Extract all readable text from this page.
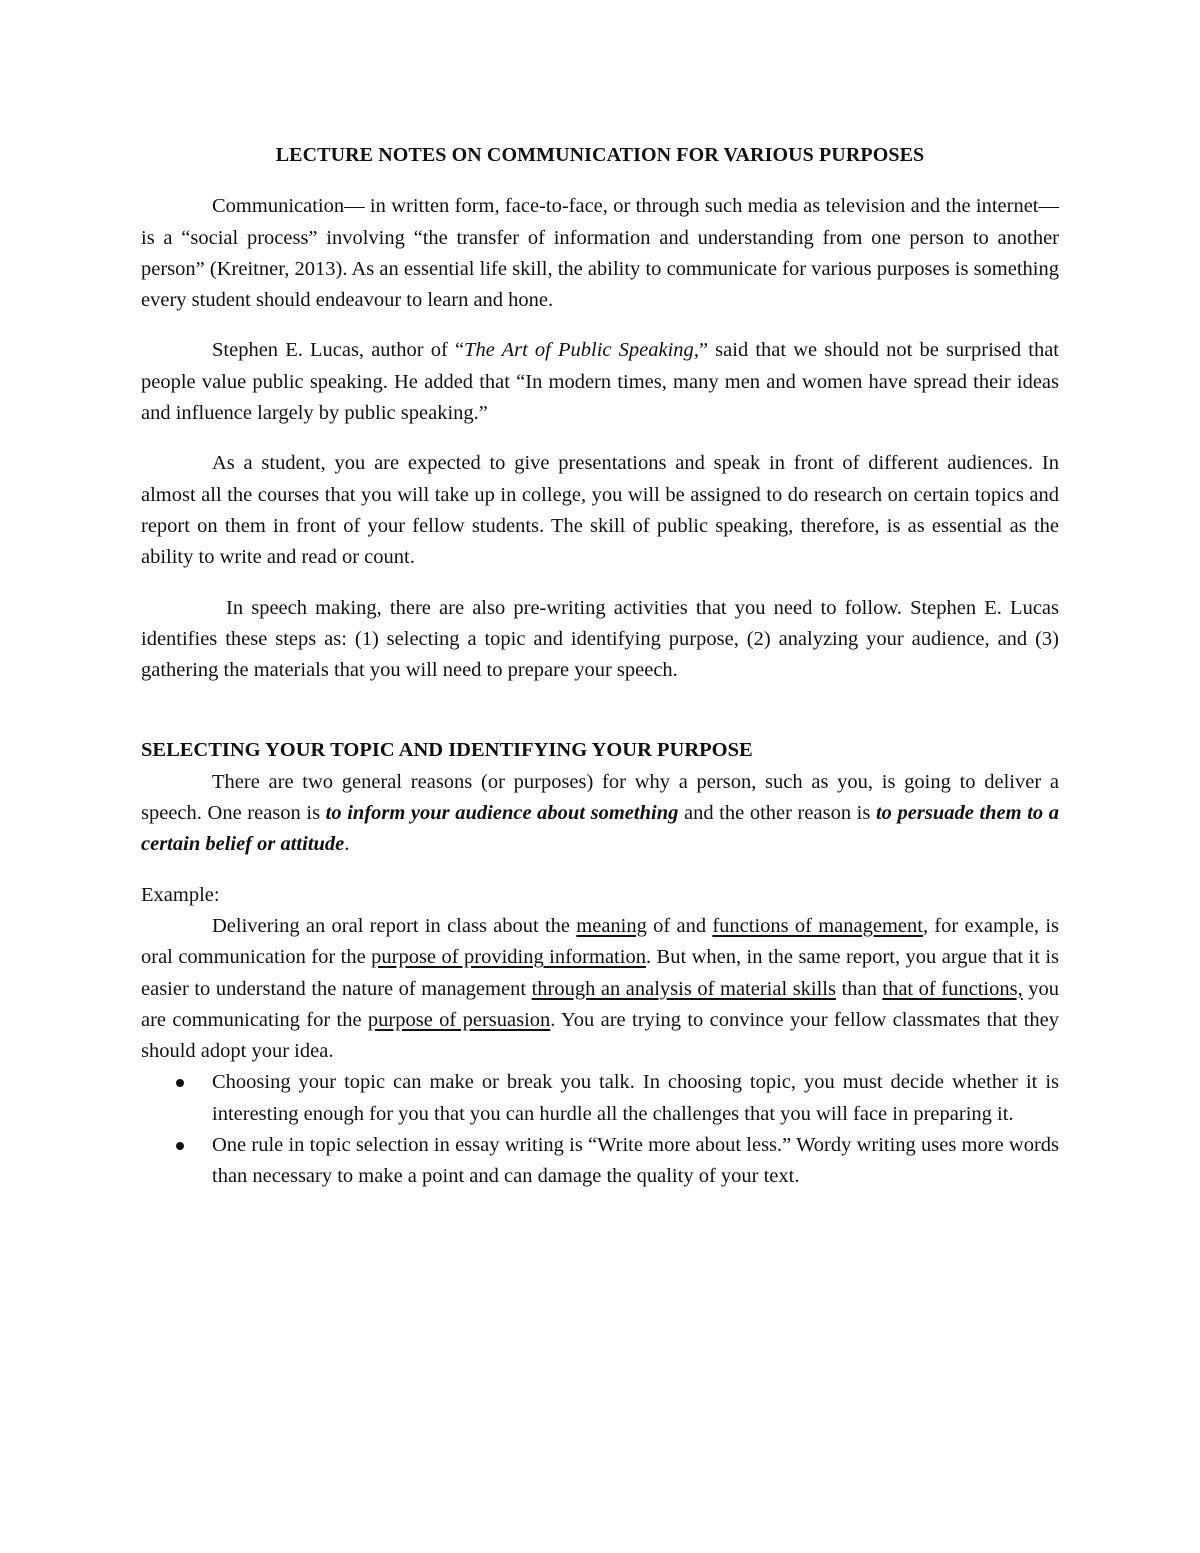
LECTURE NOTES ON COMMUNICATION FOR VARIOUS PURPOSES

Communication— in written form, face-to-face, or through such media as television and the internet— is a “social process” involving “the transfer of information and understanding from one person to another person” (Kreitner, 2013). As an essential life skill, the ability to communicate for various purposes is something every student should endeavour to learn and hone.

Stephen E. Lucas, author of “The Art of Public Speaking,” said that we should not be surprised that people value public speaking. He added that “In modern times, many men and women have spread their ideas and influence largely by public speaking.”

As a student, you are expected to give presentations and speak in front of different audiences. In almost all the courses that you will take up in college, you will be assigned to do research on certain topics and report on them in front of your fellow students. The skill of public speaking, therefore, is as essential as the ability to write and read or count.

In speech making, there are also pre-writing activities that you need to follow. Stephen E. Lucas identifies these steps as: (1) selecting a topic and identifying purpose, (2) analyzing your audience, and (3) gathering the materials that you will need to prepare your speech.

SELECTING YOUR TOPIC AND IDENTIFYING YOUR PURPOSE

There are two general reasons (or purposes) for why a person, such as you, is going to deliver a speech. One reason is to inform your audience about something and the other reason is to persuade them to a certain belief or attitude.

Example:

Delivering an oral report in class about the meaning of and functions of management, for example, is oral communication for the purpose of providing information. But when, in the same report, you argue that it is easier to understand the nature of management through an analysis of material skills than that of functions, you are communicating for the purpose of persuasion. You are trying to convince your fellow classmates that they should adopt your idea.

Choosing your topic can make or break you talk. In choosing topic, you must decide whether it is interesting enough for you that you can hurdle all the challenges that you will face in preparing it.
One rule in topic selection in essay writing is “Write more about less.” Wordy writing uses more words than necessary to make a point and can damage the quality of your text.
